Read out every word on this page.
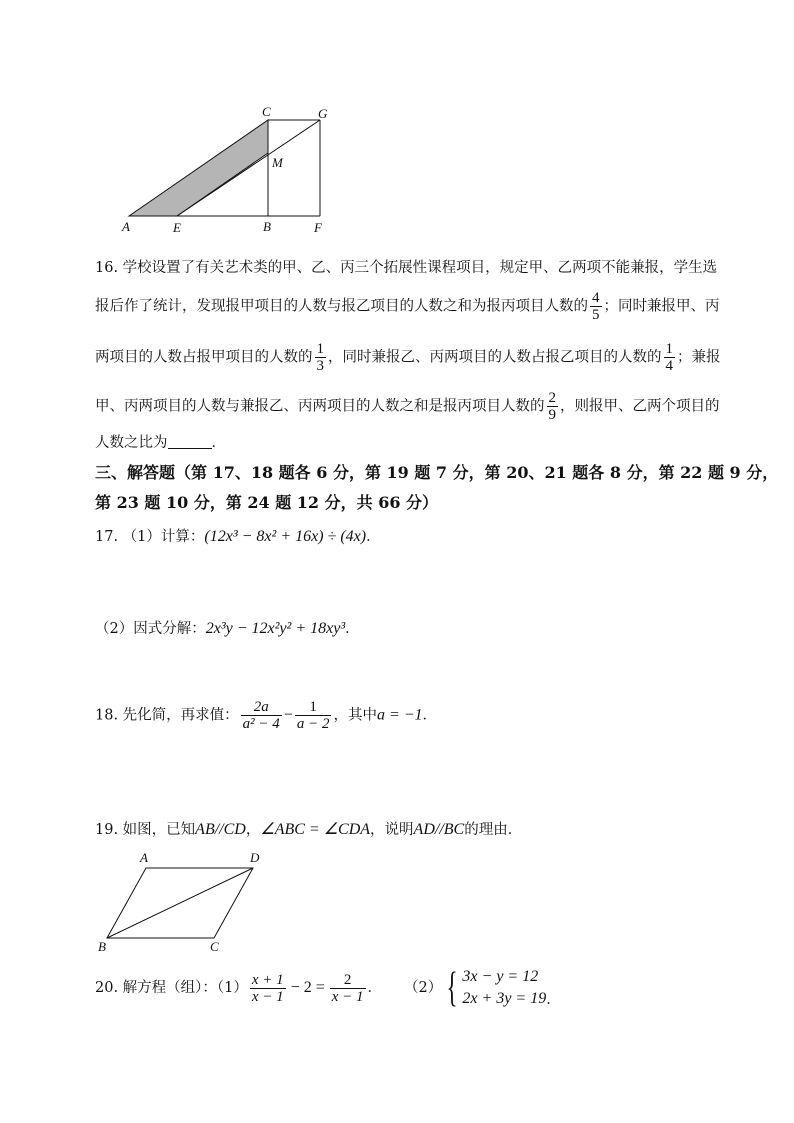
C	G
M
A	E	B	F
16. 学校设置了有关艺术类的甲、乙、丙三个拓展性课程项目，规定甲、乙两项不能兼报，学生选
报后作了统计，发现报甲项目的人数与报乙项目的人数之和为报丙项目人数的 $\frac{4}{5}$ ；同时兼报甲、丙
两项目的人数占报甲项目的人数的 $\frac{1}{3}$ ，同时兼报乙、丙两项目的人数占报乙项目的人数的 $\frac{1}{4}$ ；兼报
甲、丙两项目的人数与兼报乙、丙两项目的人数之和是报丙项目人数的 $\frac{2}{9}$ ，则报甲、乙两个项目的
人数之比为	．
三、解答题（第 17、18 题各 6 分，第 19 题 7 分，第 20、21 题各 8 分，第 22 题 9 分，
第 23 题 10 分，第 24 题 12 分，共 66 分）
17. （1）计算：(12x³ − 8x² + 16x) ÷ (4x)．
（2）因式分解：2x³y − 12x²y² + 18xy³．
18. 先化简，再求值： $\frac{2a}{\text{a² − 4}} - \frac{1}{a - 2}$ ，其中a = −1．
19. 如图，已知AB//CD，∠ABC = ∠CDA，说明AD//BC的理由．
A	D
B	C
20. 解方程（组）：$(1) \frac{x + 1}{x - 1} - 2 = \frac{2}{x - 1}$ ． （2） { 3x − y = 12
2x + 3y = 19 ．
